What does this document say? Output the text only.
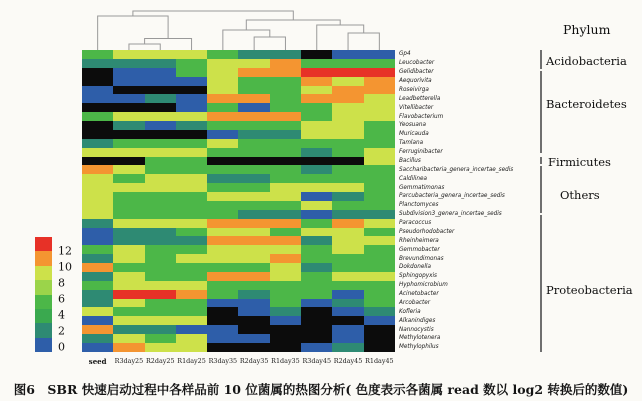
Gp4
Leucobacter
Gelidibacter
Aequorivita
Roseivirga
Leadbetterella
Vitellibacter
Flavobacterium
Yeosuana
Muricauda
Tamlana
Ferruginibacter
Bacillus
Saccharibacteria_genera_incertae_sedis
Caldilinea
Gemmatimonas
Parcubacteria_genera_incertae_sedis
Planctomyces
Subdivision3_genera_incertae_sedis
Paracoccus
Pseudorhodobacter
Rheinheimera
Gemmobacter
Brevundimonas
Dokdonella
Sphingopyxis
Hyphomicrobium
Acinetobacter
Arcobacter
Kofleria
Alkanindiges
Nannocystis
Methylotenera
Methylophilus
Acidobacteria
Bacteroidetes
Firmicutes
Others
Proteobacteria
Phylum
seed R3day25 R2day25 R1day25 R3day35 R2day35 R1day35 R3day45 R2day45 R1day45
12
10
8
6
4
2
0
图6　SBR 快速启动过程中各样品前 10 位菌属的热图分析( 色度表示各菌属 read 数以 log2 转换后的数值)
